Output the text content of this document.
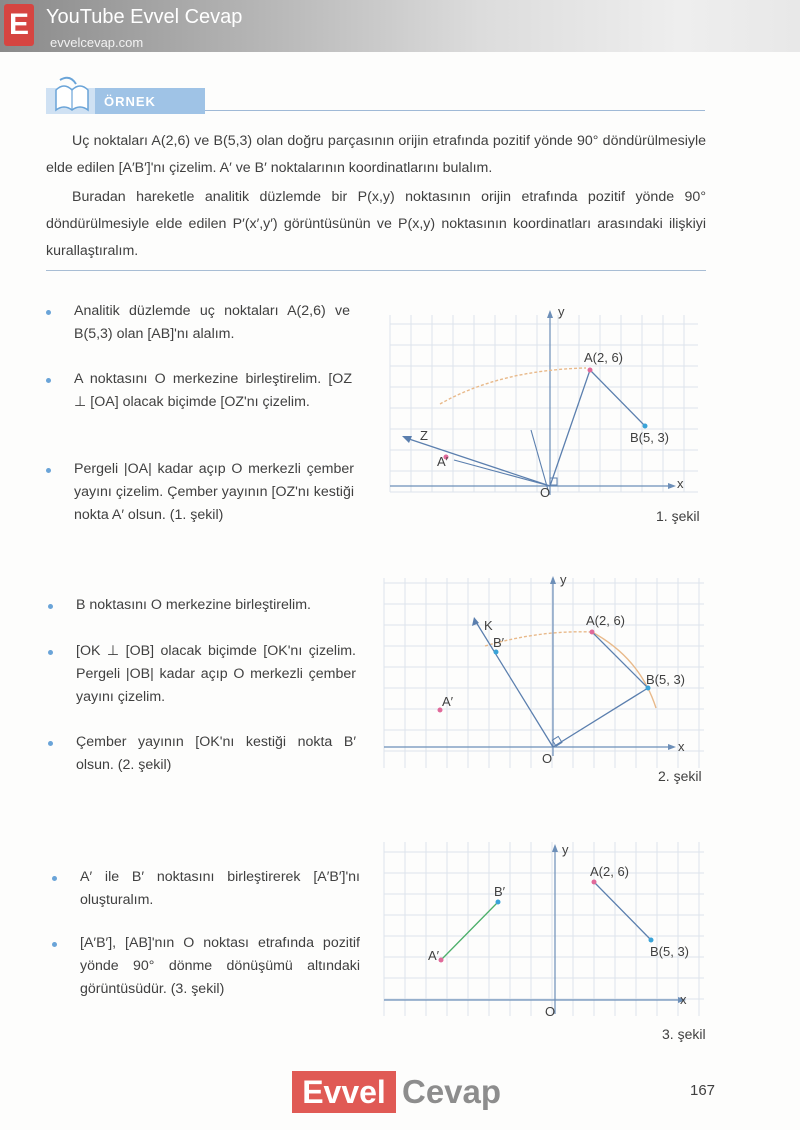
E YouTube Evvel Cevap
evvelcevap.com
ÖRNEK

Uç noktaları A(2,6) ve B(5,3) olan doğru parçasının orijin etrafında pozitif yönde 90° döndürülmesiyle elde edilen [A′B′]'nı çizelim. A′ ve B′ noktalarının koordinatlarını bulalım.

Buradan hareketle analitik düzlemde bir P(x,y) noktasının orijin etrafında pozitif yönde 90° döndürülmesiyle elde edilen P′(x′,y′) görüntüsünün ve P(x,y) noktasının koordinatları arasındaki ilişkiyi kurallaştıralım.

Analitik düzlemde uç noktaları A(2,6) ve B(5,3) olan [AB]'nı alalım.

A noktasını O merkezine birleştirelim. [OZ ⊥ [OA] olacak biçimde [OZ'nı çizelim.

Pergeli |OA| kadar açıp O merkezli çember yayını çizelim. Çember yayının [OZ'nı kestiği nokta A′ olsun. (1. şekil)

B noktasını O merkezine birleştirelim.

[OK ⊥ [OB] olacak biçimde [OK'nı çizelim. Pergeli |OB| kadar açıp O merkezli çember yayını çizelim.

Çember yayının [OK'nı kestiği nokta B′ olsun. (2. şekil)

A′ ile B′ noktasını birleştirerek [A′B′]'nı oluşturalım.

[A′B′], [AB]'nın O noktası etrafında pozitif yönde 90° dönme dönüşümü altındaki görüntüsüdür. (3. şekil)

y
x
O
A(2, 6)
B(5, 3)
Z
A′
1. şekil
y
x
O
A(2, 6)
B(5, 3)
K
B′
A′
2. şekil
y
x
O
A(2, 6)
B(5, 3)
B′
A′
3. şekil
Evvel Cevap	167
